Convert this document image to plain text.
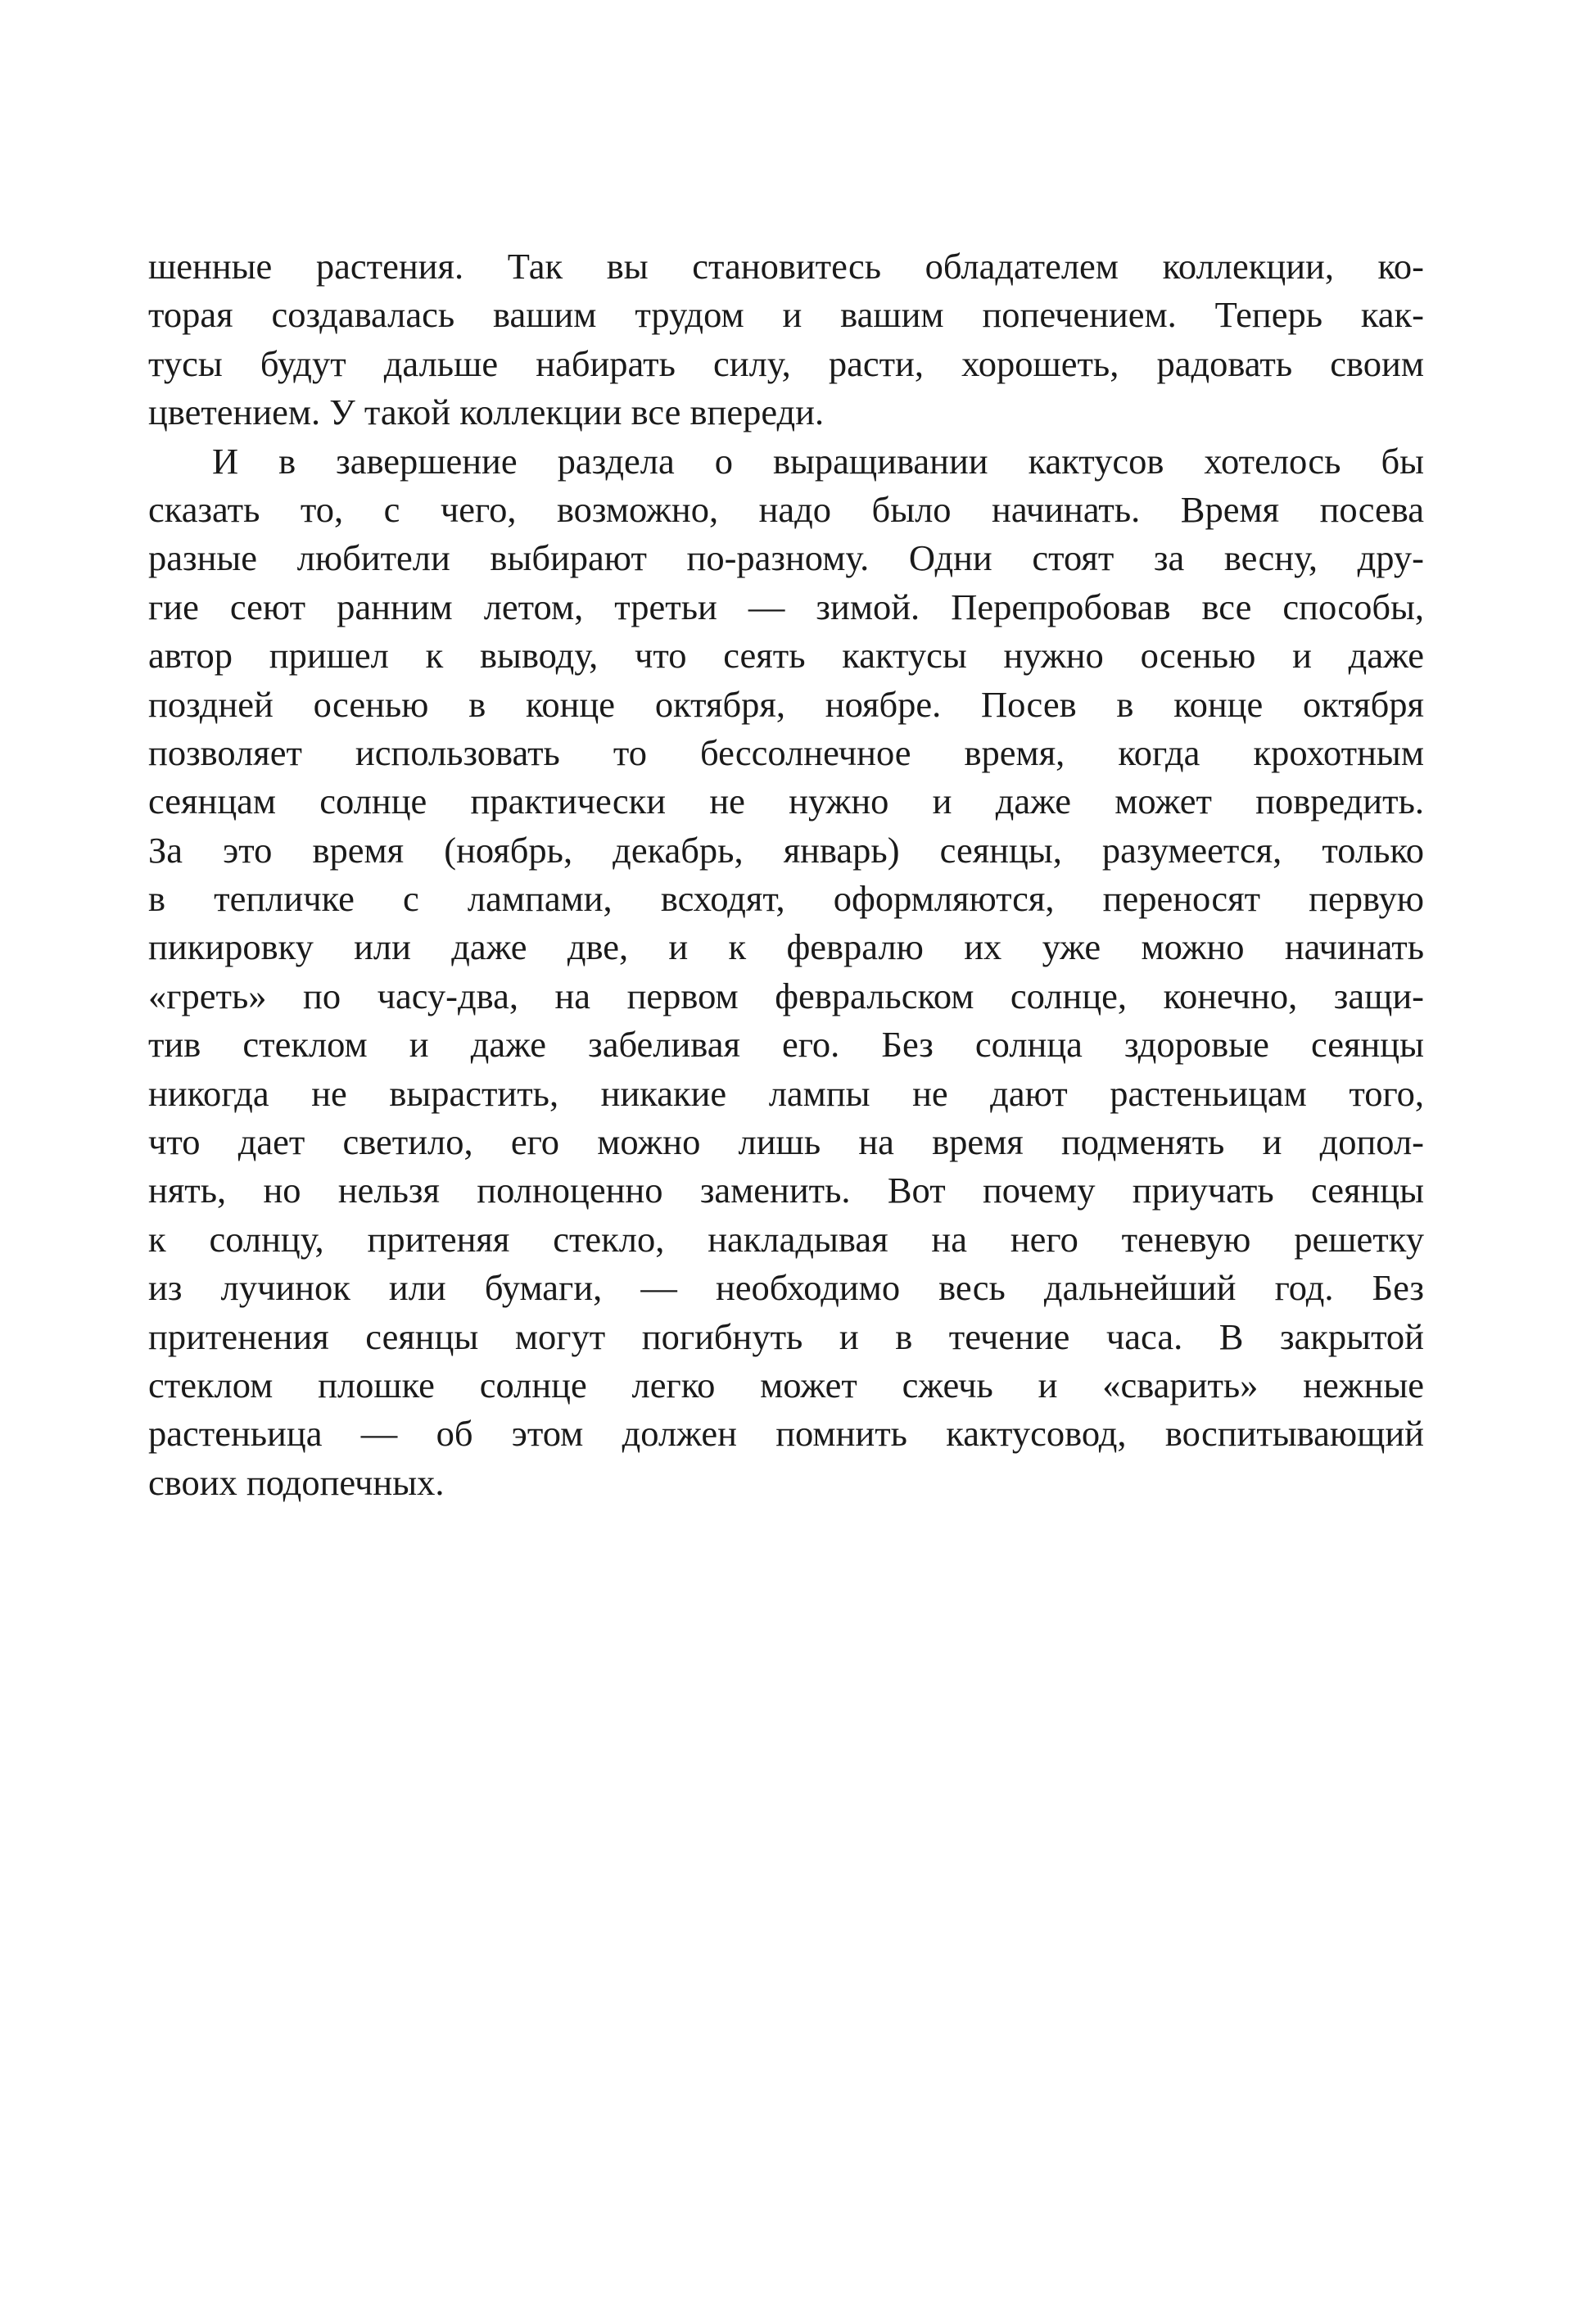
шенные растения. Так вы становитесь обладателем коллекции, ко-
торая создавалась вашим трудом и вашим попечением. Теперь как-
тусы будут дальше набирать силу, расти, хорошеть, радовать своим
цветением. У такой коллекции все впереди.
И в завершение раздела о выращивании кактусов хотелось бы
сказать то, с чего, возможно, надо было начинать. Время посева
разные любители выбирают по-разному. Одни стоят за весну, дру-
гие сеют ранним летом, третьи — зимой. Перепробовав все способы,
автор пришел к выводу, что сеять кактусы нужно осенью и даже
поздней осенью в конце октября, ноябре. Посев в конце октября
позволяет использовать то бессолнечное время, когда крохотным
сеянцам солнце практически не нужно и даже может повредить.
За это время (ноябрь, декабрь, январь) сеянцы, разумеется, только
в тепличке с лампами, всходят, оформляются, переносят первую
пикировку или даже две, и к февралю их уже можно начинать
«греть» по часу-два, на первом февральском солнце, конечно, защи-
тив стеклом и даже забеливая его. Без солнца здоровые сеянцы
никогда не вырастить, никакие лампы не дают растеньицам того,
что дает светило, его можно лишь на время подменять и допол-
нять, но нельзя полноценно заменить. Вот почему приучать сеянцы
к солнцу, притеняя стекло, накладывая на него теневую решетку
из лучинок или бумаги, — необходимо весь дальнейший год. Без
притенения сеянцы могут погибнуть и в течение часа. В закрытой
стеклом плошке солнце легко может сжечь и «сварить» нежные
растеньица — об этом должен помнить кактусовод, воспитывающий
своих подопечных.
